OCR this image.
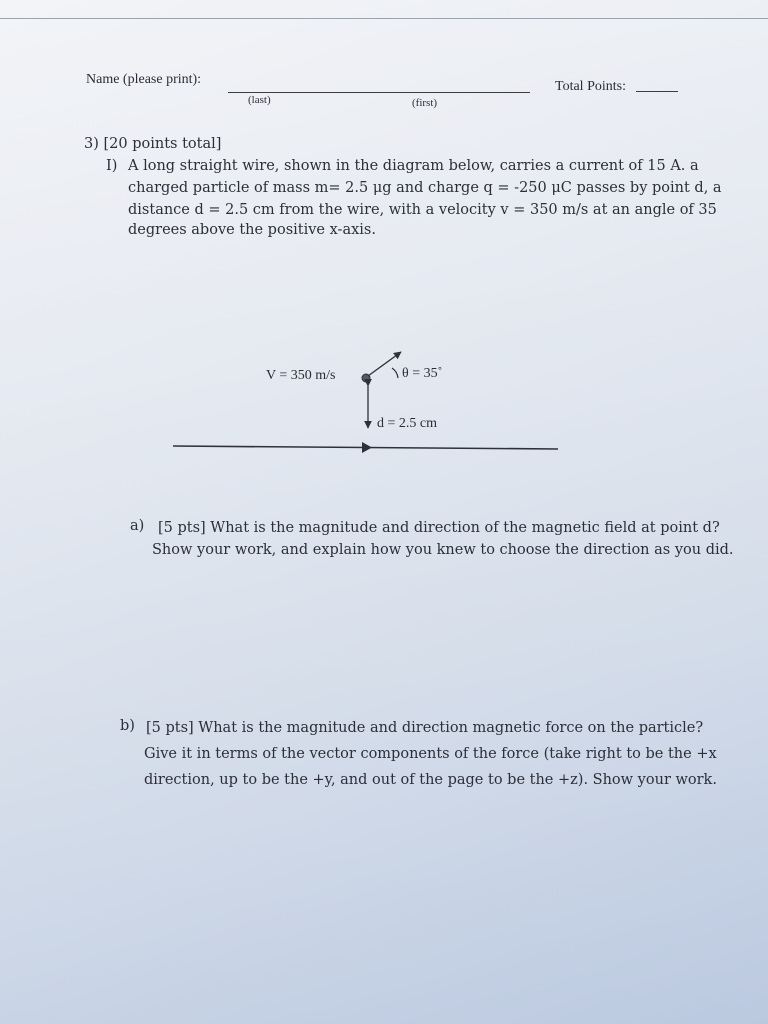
Name (please print):
(last)	(first)
Total Points:
3) [20 points total]
I) A long straight wire, shown in the diagram below, carries a current of 15 A. a
charged particle of mass m= 2.5 μg and charge q = -250 μC passes by point d, a
distance d = 2.5 cm from the wire, with a velocity v = 350 m/s at an angle of 35
degrees above the positive x-axis.
V = 350 m/s	θ = 35˚
d = 2.5 cm
a) [5 pts] What is the magnitude and direction of the magnetic field at point d?
Show your work, and explain how you knew to choose the direction as you did.
b) [5 pts] What is the magnitude and direction magnetic force on the particle?
Give it in terms of the vector components of the force (take right to be the +x
direction, up to be the +y, and out of the page to be the +z). Show your work.
